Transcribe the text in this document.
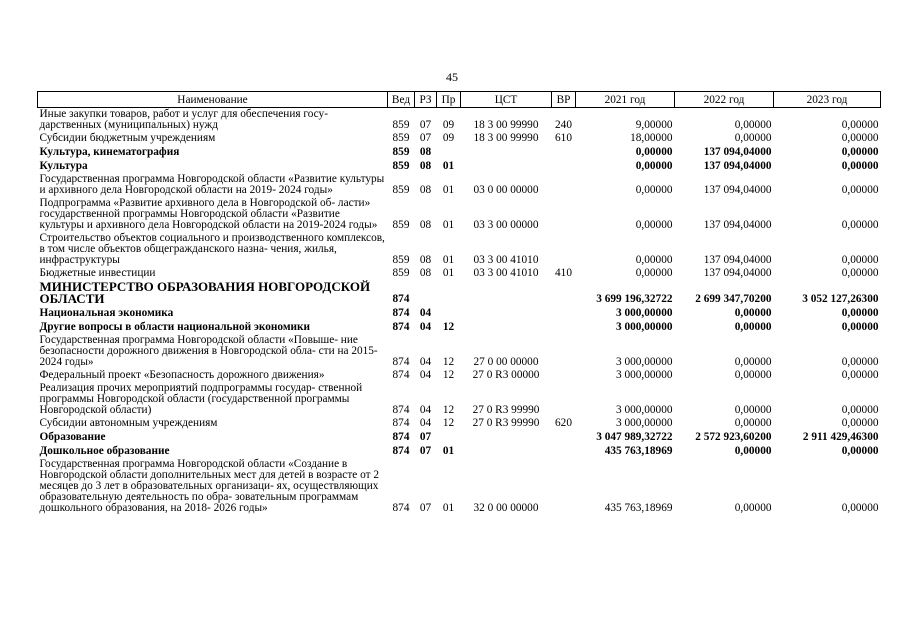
45
Наименование	Вед	РЗ	Пр	ЦСТ	ВР	2021 год	2022 год	2023 год
Иные закупки товаров, работ и услуг для обеспечения госу- дарственных (муниципальных) нужд	859	07	09	18 3 00 99990	240	9,00000	0,00000	0,00000
Субсидии бюджетным учреждениям	859	07	09	18 3 00 99990	610	18,00000	0,00000	0,00000
Культура, кинематография	859	08				0,00000	137 094,04000	0,00000
Культура	859	08	01			0,00000	137 094,04000	0,00000
Государственная программа Новгородской области «Развитие культуры и архивного дела Новгородской области на 2019- 2024 годы»	859	08	01	03 0 00 00000		0,00000	137 094,04000	0,00000
Подпрограмма «Развитие архивного дела в Новгородской об- ласти» государственной программы Новгородской области «Развитие культуры и архивного дела Новгородской области на 2019-2024 годы»	859	08	01	03 3 00 00000		0,00000	137 094,04000	0,00000
Строительство объектов социального и производственного комплексов, в том числе объектов общегражданского назна- чения, жилья, инфраструктуры	859	08	01	03 3 00 41010		0,00000	137 094,04000	0,00000
Бюджетные инвестиции	859	08	01	03 3 00 41010	410	0,00000	137 094,04000	0,00000
МИНИСТЕРСТВО ОБРАЗОВАНИЯ НОВГОРОДСКОЙ ОБЛАСТИ	874					3 699 196,32722	2 699 347,70200	3 052 127,26300
Национальная экономика	874	04				3 000,00000	0,00000	0,00000
Другие вопросы в области национальной экономики	874	04	12			3 000,00000	0,00000	0,00000
Государственная программа Новгородской области «Повыше- ние безопасности дорожного движения в Новгородской обла- сти на 2015-2024 годы»	874	04	12	27 0 00 00000		3 000,00000	0,00000	0,00000
Федеральный проект «Безопасность дорожного движения»	874	04	12	27 0 R3 00000		3 000,00000	0,00000	0,00000
Реализация прочих мероприятий подпрограммы государ- ственной программы Новгородской области (государственной программы Новгородской области)	874	04	12	27 0 R3 99990		3 000,00000	0,00000	0,00000
Субсидии автономным учреждениям	874	04	12	27 0 R3 99990	620	3 000,00000	0,00000	0,00000
Образование	874	07				3 047 989,32722	2 572 923,60200	2 911 429,46300
Дошкольное образование	874	07	01			435 763,18969	0,00000	0,00000
Государственная программа Новгородской области «Создание в Новгородской области дополнительных мест для детей в возрасте от 2 месяцев до 3 лет в образовательных организаци- ях, осуществляющих образовательную деятельность по обра- зовательным программам дошкольного образования, на 2018- 2026 годы»	874	07	01	32 0 00 00000		435 763,18969	0,00000	0,00000
